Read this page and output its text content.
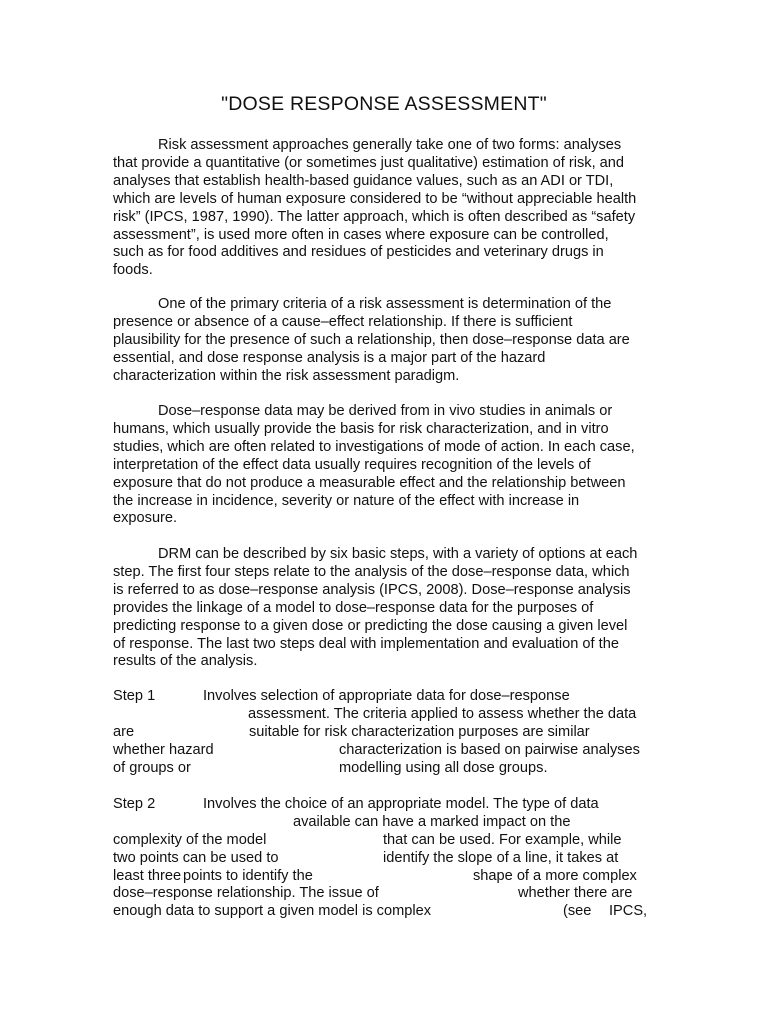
"DOSE RESPONSE ASSESSMENT"

Risk assessment approaches generally take one of two forms: analyses
that provide a quantitative (or sometimes just qualitative) estimation of risk, and
analyses that establish health-based guidance values, such as an ADI or TDI,
which are levels of human exposure considered to be “without appreciable health
risk” (IPCS, 1987, 1990). The latter approach, which is often described as “safety
assessment”, is used more often in cases where exposure can be controlled,
such as for food additives and residues of pesticides and veterinary drugs in
foods.

One of the primary criteria of a risk assessment is determination of the
presence or absence of a cause–effect relationship. If there is sufficient
plausibility for the presence of such a relationship, then dose–response data are
essential, and dose response analysis is a major part of the hazard
characterization within the risk assessment paradigm.

Dose–response data may be derived from in vivo studies in animals or
humans, which usually provide the basis for risk characterization, and in vitro
studies, which are often related to investigations of mode of action. In each case,
interpretation of the effect data usually requires recognition of the levels of
exposure that do not produce a measurable effect and the relationship between
the increase in incidence, severity or nature of the effect with increase in
exposure.

DRM can be described by six basic steps, with a variety of options at each
step. The first four steps relate to the analysis of the dose–response data, which
is referred to as dose–response analysis (IPCS, 2008). Dose–response analysis
provides the linkage of a model to dose–response data for the purposes of
predicting response to a given dose or predicting the dose causing a given level
of response. The last two steps deal with implementation and evaluation of the
results of the analysis.

Step 1	Involves selection of appropriate data for dose–response
assessment. The criteria applied to assess whether the data
are	suitable for risk characterization purposes are similar
whether hazard	characterization is based on pairwise analyses
of groups or	modelling using all dose groups.
Step 2	Involves the choice of an appropriate model. The type of data
available can have a marked impact on the
complexity of the model	that can be used. For example, while
two points can be used to	identify the slope of a line, it takes at
least three points to identify the	shape of a more complex
dose–response relationship. The issue of	whether there are
enough data to support a given model is complex	(see IPCS,
